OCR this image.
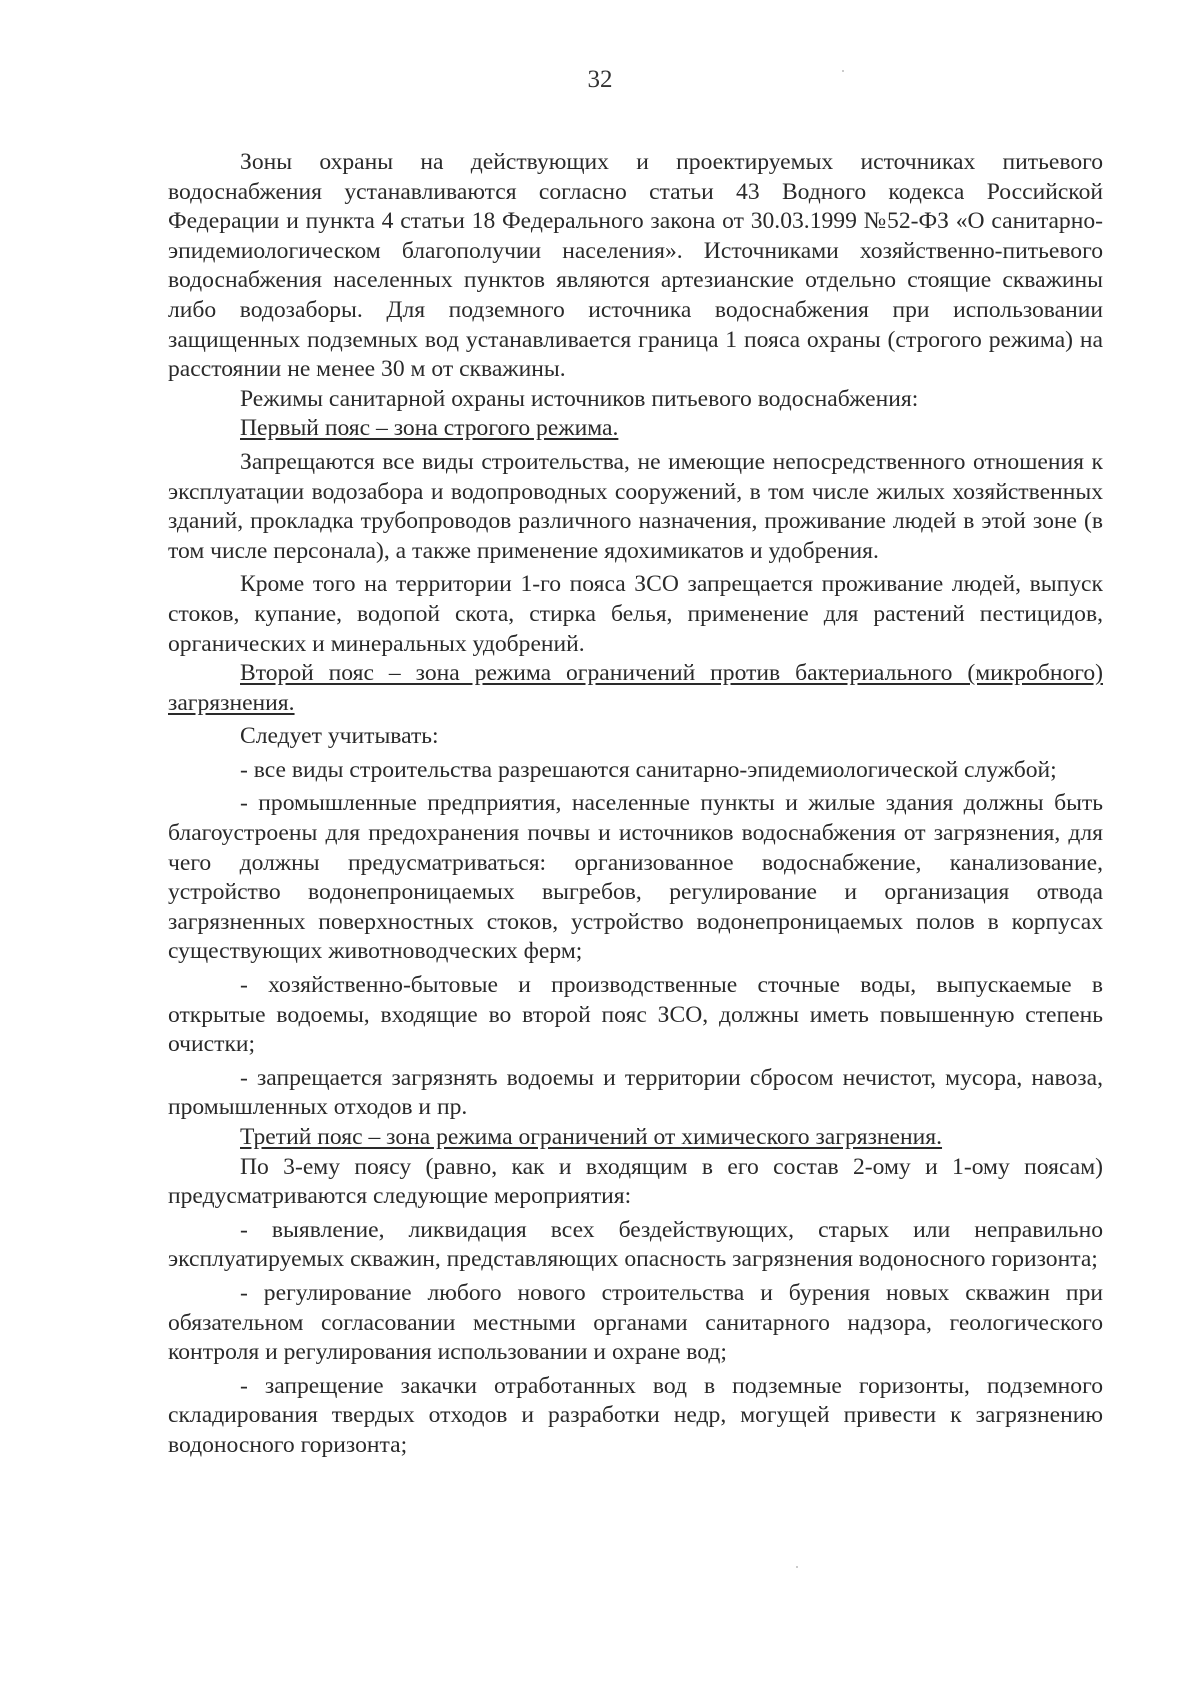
32

Зоны охраны на действующих и проектируемых источниках питьевого водоснабжения устанавливаются согласно статьи 43 Водного кодекса Российской Федерации и пункта 4 статьи 18 Федерального закона от 30.03.1999 №52-ФЗ «О санитарно-эпидемиологическом благополучии населения». Источниками хозяйственно-питьевого водоснабжения населенных пунктов являются артезианские отдельно стоящие скважины либо водозаборы. Для подземного источника водоснабжения при использовании защищенных подземных вод устанавливается граница 1 пояса охраны (строгого режима) на расстоянии не менее 30 м от скважины.

Режимы санитарной охраны источников питьевого водоснабжения:

Первый пояс – зона строгого режима.

Запрещаются все виды строительства, не имеющие непосредственного отношения к эксплуатации водозабора и водопроводных сооружений, в том числе жилых хозяйственных зданий, прокладка трубопроводов различного назначения, проживание людей в этой зоне (в том числе персонала), а также применение ядохимикатов и удобрения.

Кроме того на территории 1-го пояса ЗСО запрещается проживание людей, выпуск стоков, купание, водопой скота, стирка белья, применение для растений пестицидов, органических и минеральных удобрений.

Второй пояс – зона режима ограничений против бактериального (микробного) загрязнения.

Следует учитывать:

- все виды строительства разрешаются санитарно-эпидемиологической службой;

- промышленные предприятия, населенные пункты и жилые здания должны быть благоустроены для предохранения почвы и источников водоснабжения от загрязнения, для чего должны предусматриваться: организованное водоснабжение, канализование, устройство водонепроницаемых выгребов, регулирование и организация отвода загрязненных поверхностных стоков, устройство водонепроницаемых полов в корпусах существующих животноводческих ферм;

- хозяйственно-бытовые и производственные сточные воды, выпускаемые в открытые водоемы, входящие во второй пояс ЗСО, должны иметь повышенную степень очистки;

- запрещается загрязнять водоемы и территории сбросом нечистот, мусора, навоза, промышленных отходов и пр.

Третий пояс – зона режима ограничений от химического загрязнения.

По 3-ему поясу (равно, как и входящим в его состав 2-ому и 1-ому поясам) предусматриваются следующие мероприятия:

- выявление, ликвидация всех бездействующих, старых или неправильно эксплуатируемых скважин, представляющих опасность загрязнения водоносного горизонта;

- регулирование любого нового строительства и бурения новых скважин при обязательном согласовании местными органами санитарного надзора, геологического контроля и регулирования использовании и охране вод;

- запрещение закачки отработанных вод в подземные горизонты, подземного складирования твердых отходов и разработки недр, могущей привести к загрязнению водоносного горизонта;
